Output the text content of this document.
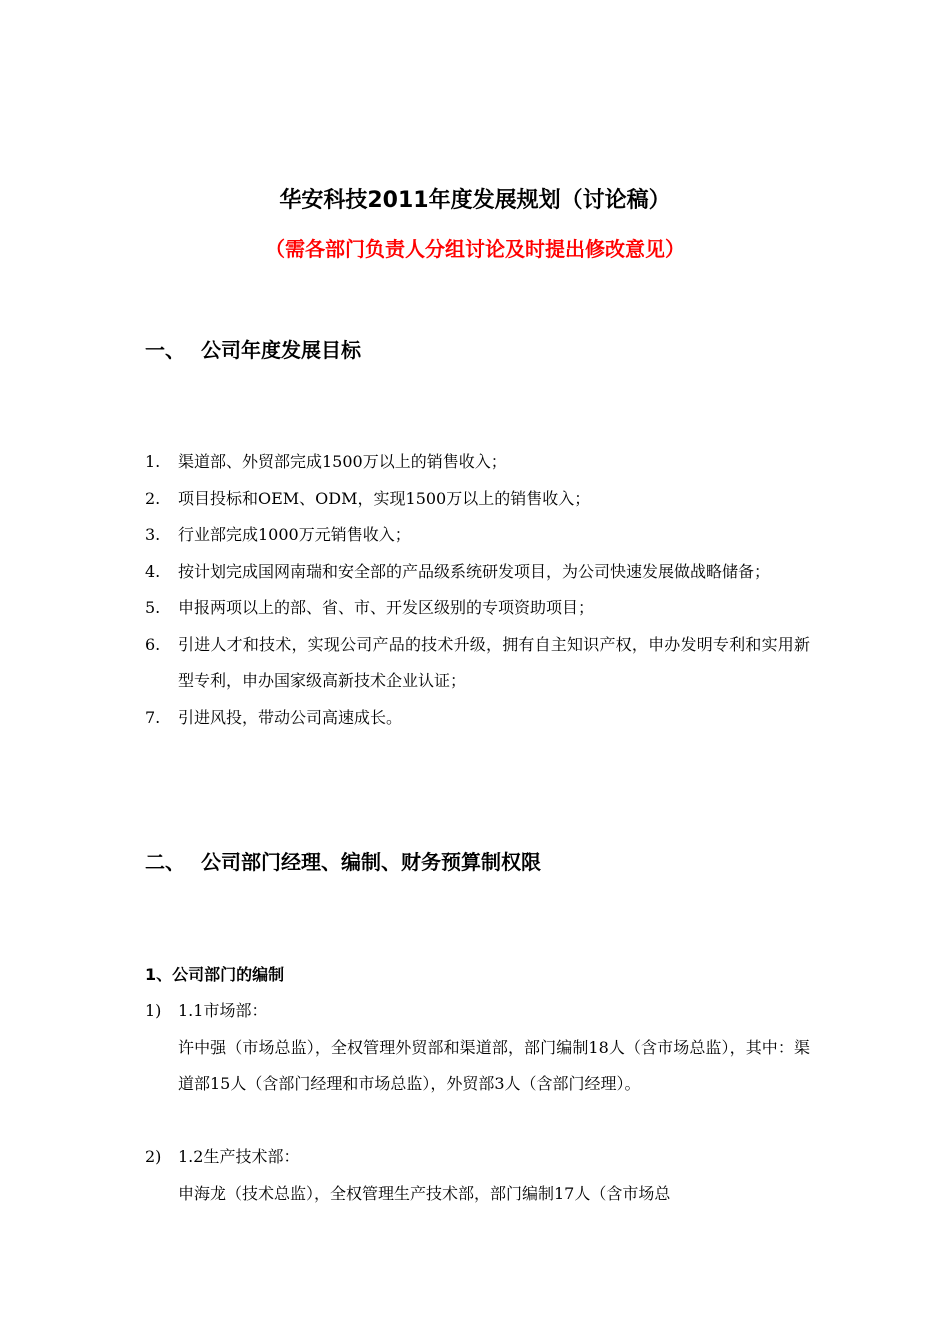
华安科技2011年度发展规划（讨论稿）
（需各部门负责人分组讨论及时提出修改意见）
一、 公司年度发展目标
1. 渠道部、外贸部完成1500万以上的销售收入；
2. 项目投标和OEM、ODM，实现1500万以上的销售收入；
3. 行业部完成1000万元销售收入；
4. 按计划完成国网南瑞和安全部的产品级系统研发项目，为公司快速发展做战略储备；
5. 申报两项以上的部、省、市、开发区级别的专项资助项目；
6. 引进人才和技术，实现公司产品的技术升级，拥有自主知识产权，申办发明专利和实用新型专利，申办国家级高新技术企业认证；
7. 引进风投，带动公司高速成长。
二、 公司部门经理、编制、财务预算制权限
1、公司部门的编制
1) 1.1市场部：
许中强（市场总监），全权管理外贸部和渠道部，部门编制18人（含市场总监），其中：渠道部15人（含部门经理和市场总监），外贸部3人（含部门经理）。
2) 1.2生产技术部：
申海龙（技术总监），全权管理生产技术部，部门编制17人（含市场总
